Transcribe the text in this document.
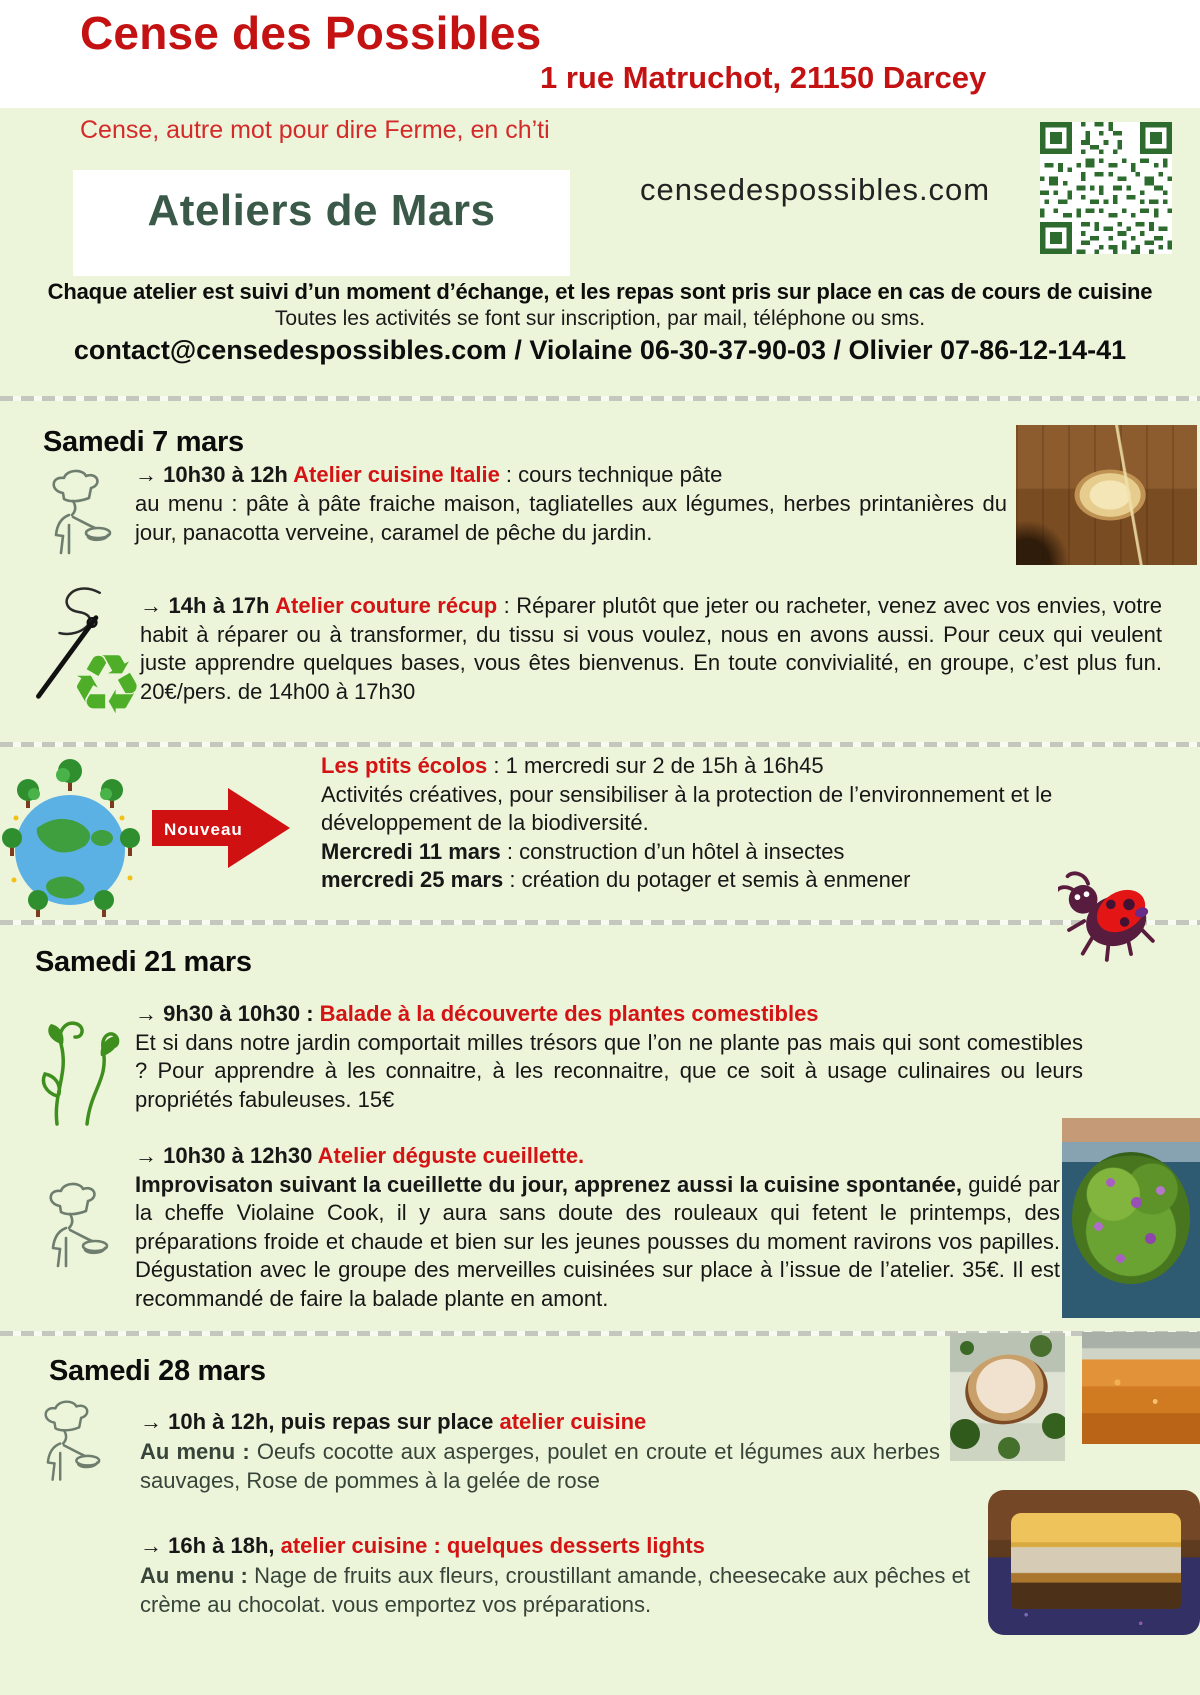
Cense des Possibles
1 rue Matruchot, 21150 Darcey
Cense, autre mot pour dire Ferme, en ch’ti
Ateliers de Mars	censedespossibles.com
Chaque atelier est suivi d’un moment d’échange, et les repas sont pris sur place en cas de cours de cuisine
Toutes les activités se font sur inscription, par mail, téléphone ou sms.
contact@censedespossibles.com / Violaine 06-30-37-90-03 / Olivier 07-86-12-14-41
Samedi 7 mars
→ 10h30 à 12h Atelier cuisine Italie : cours technique pâte
au menu : pâte à pâte fraiche maison, tagliatelles aux légumes, herbes printanières du jour, panacotta verveine, caramel de pêche du jardin.
♻
→ 14h à 17h Atelier couture récup : Réparer plutôt que jeter ou racheter, venez avec vos envies, votre habit à réparer ou à transformer, du tissu si vous voulez, nous en avons aussi. Pour ceux qui veulent juste apprendre quelques bases, vous êtes bienvenus. En toute convivialité, en groupe, c’est plus fun. 20€/pers. de 14h00 à 17h30
Nouveau
Les ptits écolos : 1 mercredi sur 2 de 15h à 16h45
Activités créatives, pour sensibiliser à la protection de l’environnement et le développement de la biodiversité.
Mercredi 11 mars : construction d’un hôtel à insectes
mercredi 25 mars : création du potager et semis à enmener
Samedi 21 mars
→ 9h30 à 10h30 : Balade à la découverte des plantes comestibles
Et si dans notre jardin comportait milles trésors que l’on ne plante pas mais qui sont comestibles ? Pour apprendre à les connaitre, à les reconnaitre, que ce soit à usage culinaires ou leurs propriétés fabuleuses. 15€
→ 10h30 à 12h30 Atelier déguste cueillette.
Improvisaton suivant la cueillette du jour, apprenez aussi la cuisine spontanée, guidé par la cheffe Violaine Cook, il y aura sans doute des rouleaux qui fetent le printemps, des préparations froide et chaude et bien sur les jeunes pousses du moment ravirons vos papilles. Dégustation avec le groupe des merveilles cuisinées sur place à l’issue de l’atelier. 35€. Il est recommandé de faire la balade plante en amont.
Samedi 28 mars
→ 10h à 12h, puis repas sur place atelier cuisine
Au menu : Oeufs cocotte aux asperges, poulet en croute et légumes aux herbes sauvages, Rose de pommes à la gelée de rose
→ 16h à 18h, atelier cuisine : quelques desserts lights
Au menu : Nage de fruits aux fleurs, croustillant amande, cheesecake aux pêches et crème au chocolat. vous emportez vos préparations.
